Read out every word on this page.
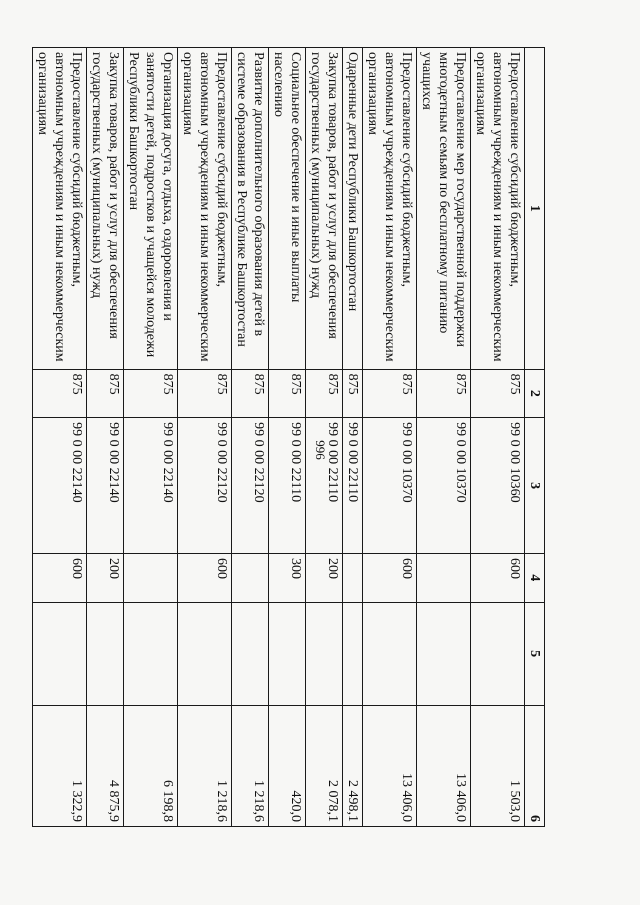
996
1	2	3	4	5	6
Предоставление субсидий бюджетным, автономным учреждениям и иным некоммерческим организациям	875	99 0 00 10360	600		1 503,0
Предоставление мер государственной поддержки многодетным семьям по бесплатному питанию учащихся	875	99 0 00 10370			13 406,0
Предоставление субсидий бюджетным, автономным учреждениям и иным некоммерческим организациям	875	99 0 00 10370	600		13 406,0
Одаренные дети Республики Башкортостан	875	99 0 00 22110			2 498,1
Закупка товаров, работ и услуг для обеспечения государственных (муниципальных) нужд	875	99 0 00 22110	200		2 078,1
Социальное обеспечение и иные выплаты населению	875	99 0 00 22110	300		420,0
Развитие дополнительного образования детей в системе образования в Республике Башкортостан	875	99 0 00 22120			1 218,6
Предоставление субсидий бюджетным, автономным учреждениям и иным некоммерческим организациям	875	99 0 00 22120	600		1 218,6
Организация досуга, отдыха, оздоровления и занятости детей, подростков и учащейся молодежи Республики Башкортостан	875	99 0 00 22140			6 198,8
Закупка товаров, работ и услуг для обеспечения государственных (муниципальных) нужд	875	99 0 00 22140	200		4 875,9
Предоставление субсидий бюджетным, автономным учреждениям и иным некоммерческим организациям	875	99 0 00 22140	600		1 322,9
